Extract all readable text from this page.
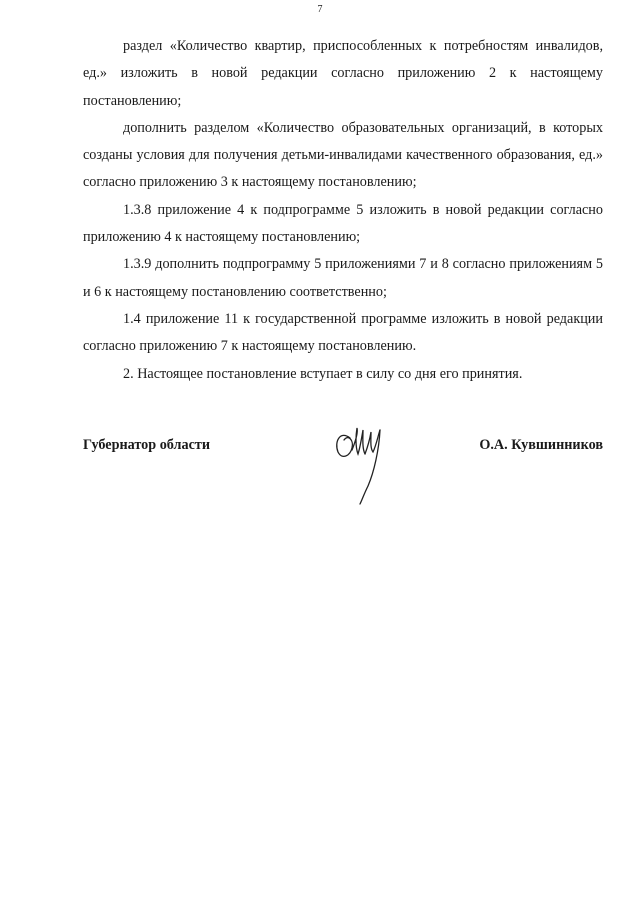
7

раздел «Количество квартир, приспособленных к потребностям инвалидов, ед.» изложить в новой редакции согласно приложению 2 к настоящему постановлению;

дополнить разделом «Количество образовательных организаций, в которых созданы условия для получения детьми-инвалидами качественного образования, ед.» согласно приложению 3 к настоящему постановлению;

1.3.8 приложение 4 к подпрограмме 5 изложить в новой редакции согласно приложению 4 к настоящему постановлению;

1.3.9 дополнить подпрограмму 5 приложениями 7 и 8 согласно приложениям 5 и 6 к настоящему постановлению соответственно;

1.4 приложение 11 к государственной программе изложить в новой редакции согласно приложению 7 к настоящему постановлению.

2. Настоящее постановление вступает в силу со дня его принятия.

Губернатор области	О.А. Кувшинников
